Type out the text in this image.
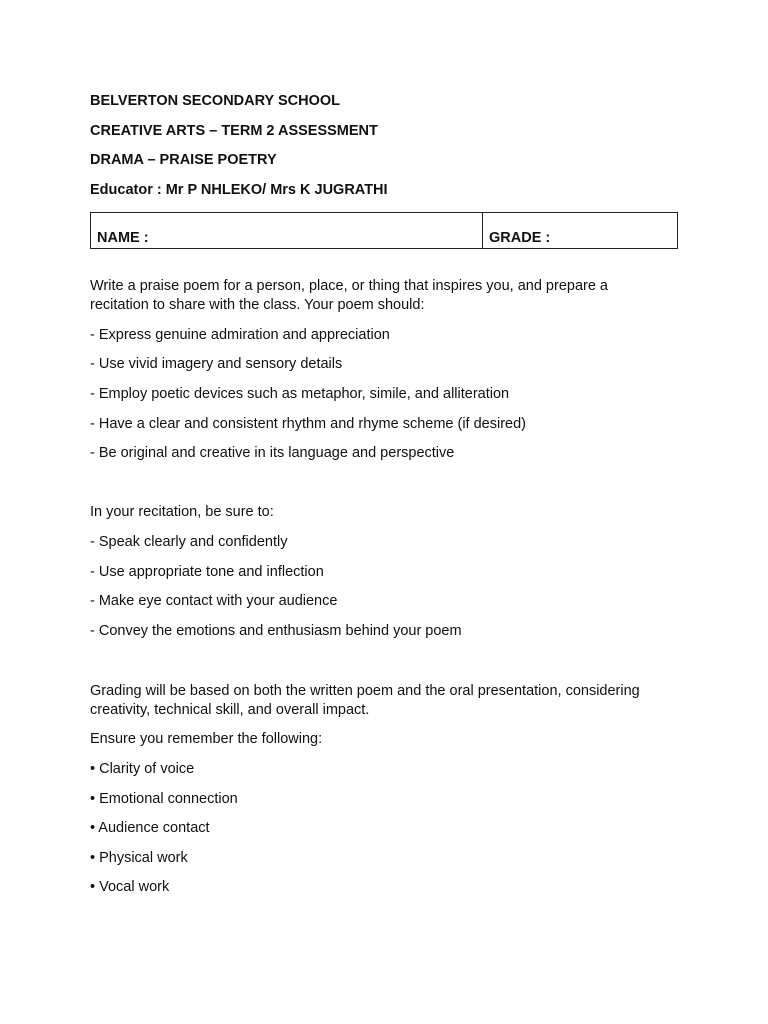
BELVERTON SECONDARY SCHOOL
CREATIVE ARTS – TERM 2 ASSESSMENT
DRAMA – PRAISE POETRY
Educator : Mr P NHLEKO/ Mrs K JUGRATHI
NAME :	GRADE :
Write a praise poem for a person, place, or thing that inspires you, and prepare a recitation to share with the class. Your poem should:
- Express genuine admiration and appreciation
- Use vivid imagery and sensory details
- Employ poetic devices such as metaphor, simile, and alliteration
- Have a clear and consistent rhythm and rhyme scheme (if desired)
- Be original and creative in its language and perspective
In your recitation, be sure to:
- Speak clearly and confidently
- Use appropriate tone and inflection
- Make eye contact with your audience
- Convey the emotions and enthusiasm behind your poem
Grading will be based on both the written poem and the oral presentation, considering creativity, technical skill, and overall impact.
Ensure you remember the following:
• Clarity of voice
• Emotional connection
• Audience contact
• Physical work
• Vocal work
